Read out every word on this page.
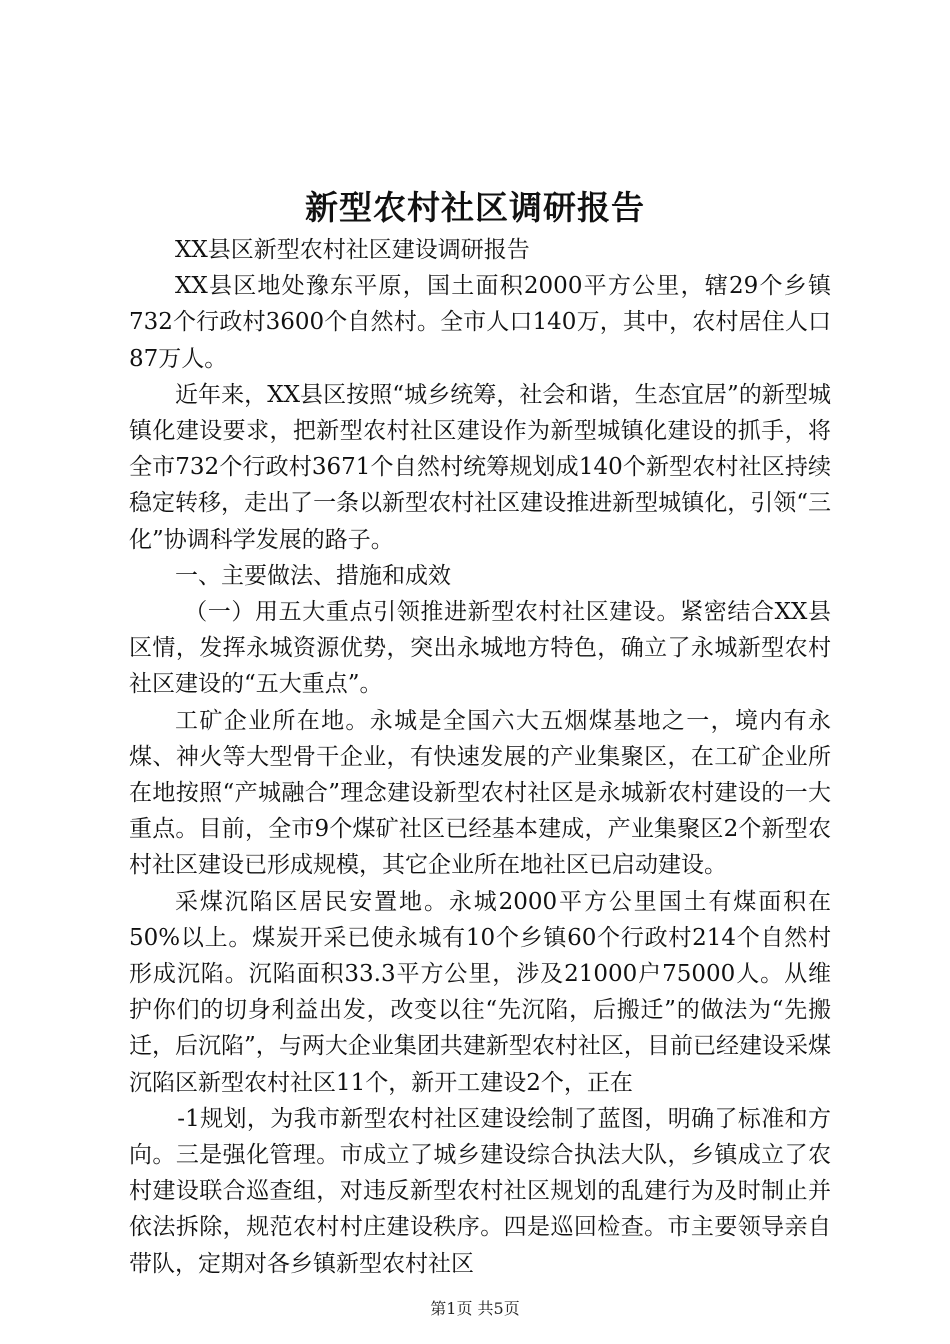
新型农村社区调研报告

XX县区新型农村社区建设调研报告

XX县区地处豫东平原，国土面积2000平方公里，辖29个乡镇732个行政村3600个自然村。全市人口140万，其中，农村居住人口87万人。

近年来，XX县区按照“城乡统筹，社会和谐，生态宜居”的新型城镇化建设要求，把新型农村社区建设作为新型城镇化建设的抓手，将全市732个行政村3671个自然村统筹规划成140个新型农村社区持续稳定转移，走出了一条以新型农村社区建设推进新型城镇化，引领“三化”协调科学发展的路子。

一、主要做法、措施和成效

（一）用五大重点引领推进新型农村社区建设。紧密结合XX县区情，发挥永城资源优势，突出永城地方特色，确立了永城新型农村社区建设的“五大重点”。

工矿企业所在地。永城是全国六大五烟煤基地之一，境内有永煤、神火等大型骨干企业，有快速发展的产业集聚区，在工矿企业所在地按照“产城融合”理念建设新型农村社区是永城新农村建设的一大重点。目前，全市9个煤矿社区已经基本建成，产业集聚区2个新型农村社区建设已形成规模，其它企业所在地社区已启动建设。

采煤沉陷区居民安置地。永城2000平方公里国土有煤面积在50%以上。煤炭开采已使永城有10个乡镇60个行政村214个自然村形成沉陷。沉陷面积33.3平方公里，涉及21000户75000人。从维护你们的切身利益出发，改变以往“先沉陷，后搬迁”的做法为“先搬迁，后沉陷”，与两大企业集团共建新型农村社区，目前已经建设采煤沉陷区新型农村社区11个，新开工建设2个，正在

-1规划，为我市新型农村社区建设绘制了蓝图，明确了标准和方向。三是强化管理。市成立了城乡建设综合执法大队，乡镇成立了农村建设联合巡查组，对违反新型农村社区规划的乱建行为及时制止并依法拆除，规范农村村庄建设秩序。四是巡回检查。市主要领导亲自带队，定期对各乡镇新型农村社区

第1页 共5页
